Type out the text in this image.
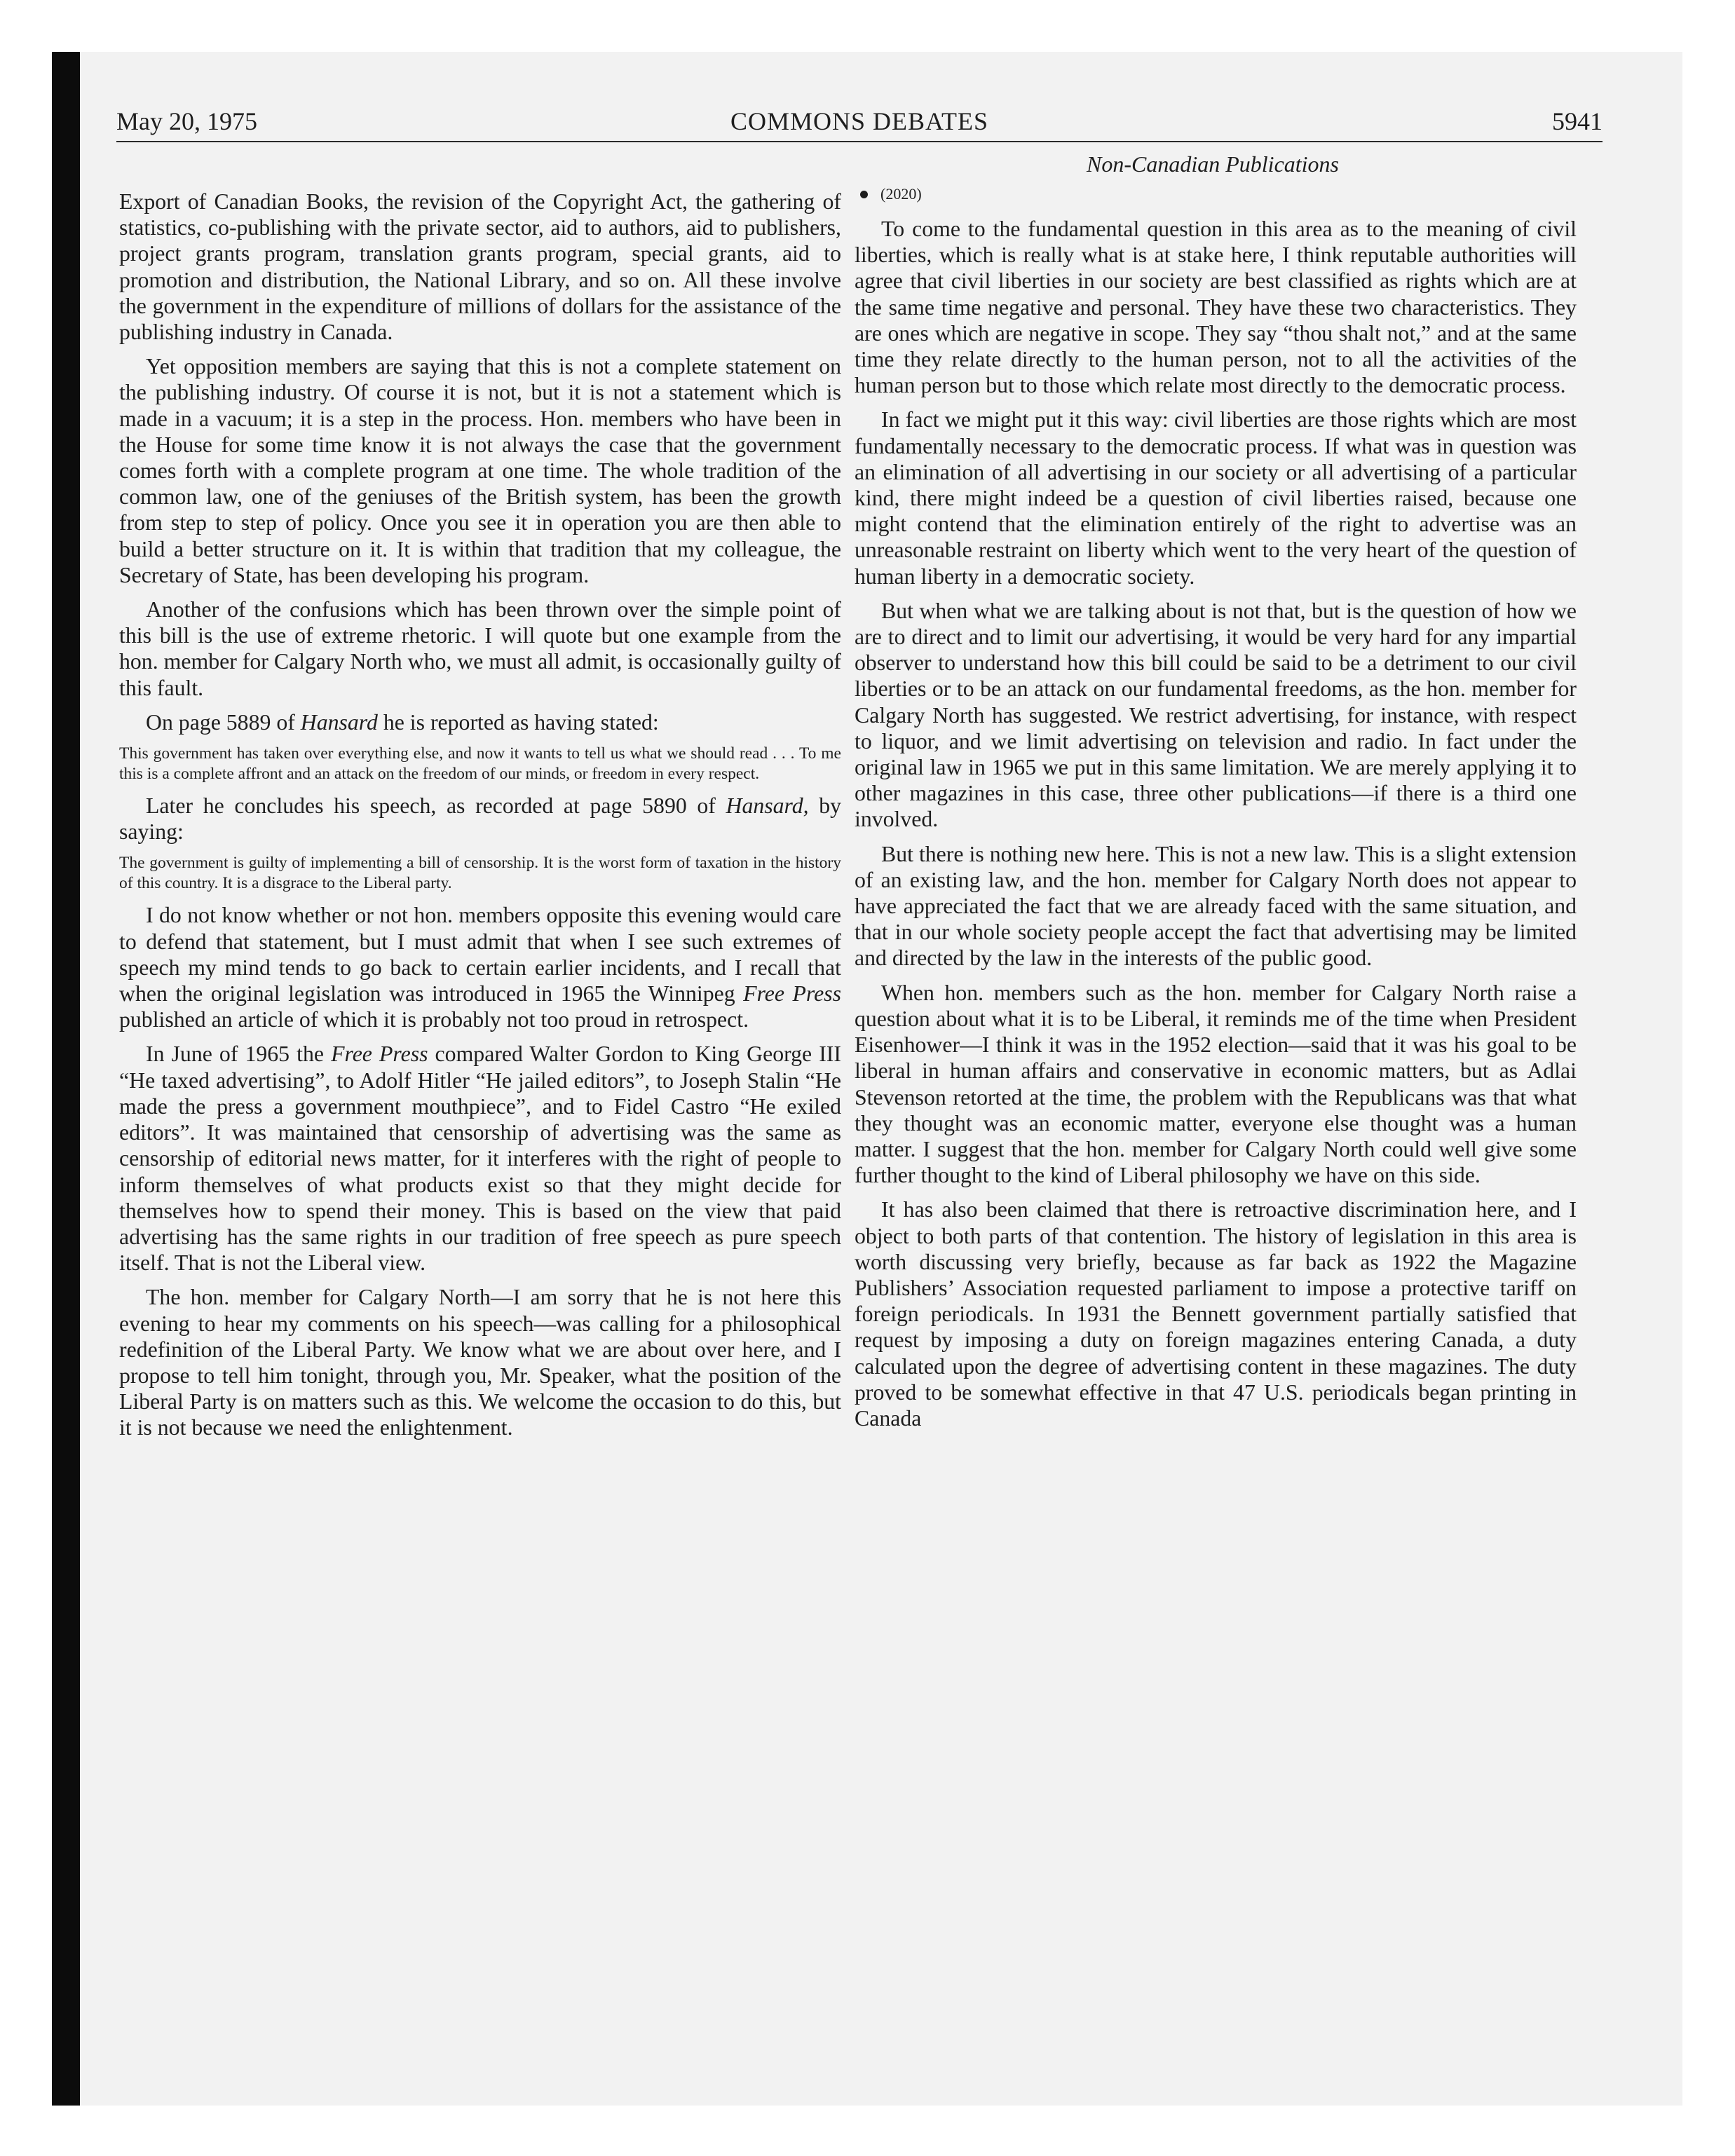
May 20, 1975	COMMONS DEBATES	5941
Non-Canadian Publications

Export of Canadian Books, the revision of the Copyright Act, the gathering of statistics, co-publishing with the private sector, aid to authors, aid to publishers, project grants program, translation grants program, special grants, aid to promotion and distribution, the National Library, and so on. All these involve the government in the expenditure of millions of dollars for the assistance of the publishing industry in Canada.

Yet opposition members are saying that this is not a complete statement on the publishing industry. Of course it is not, but it is not a statement which is made in a vacuum; it is a step in the process. Hon. members who have been in the House for some time know it is not always the case that the government comes forth with a complete program at one time. The whole tradition of the common law, one of the geniuses of the British system, has been the growth from step to step of policy. Once you see it in operation you are then able to build a better structure on it. It is within that tradition that my colleague, the Secretary of State, has been developing his program.

Another of the confusions which has been thrown over the simple point of this bill is the use of extreme rhetoric. I will quote but one example from the hon. member for Calgary North who, we must all admit, is occasionally guilty of this fault.

On page 5889 of Hansard he is reported as having stated:

This government has taken over everything else, and now it wants to tell us what we should read . . . To me this is a complete affront and an attack on the freedom of our minds, or freedom in every respect.

Later he concludes his speech, as recorded at page 5890 of Hansard, by saying:

The government is guilty of implementing a bill of censorship. It is the worst form of taxation in the history of this country. It is a disgrace to the Liberal party.

I do not know whether or not hon. members opposite this evening would care to defend that statement, but I must admit that when I see such extremes of speech my mind tends to go back to certain earlier incidents, and I recall that when the original legislation was introduced in 1965 the Winnipeg Free Press published an article of which it is probably not too proud in retrospect.

In June of 1965 the Free Press compared Walter Gordon to King George III “He taxed advertising”, to Adolf Hitler “He jailed editors”, to Joseph Stalin “He made the press a government mouthpiece”, and to Fidel Castro “He exiled editors”. It was maintained that censorship of advertising was the same as censorship of editorial news matter, for it interferes with the right of people to inform themselves of what products exist so that they might decide for themselves how to spend their money. This is based on the view that paid advertising has the same rights in our tradition of free speech as pure speech itself. That is not the Liberal view.

The hon. member for Calgary North—I am sorry that he is not here this evening to hear my comments on his speech—was calling for a philosophical redefinition of the Liberal Party. We know what we are about over here, and I propose to tell him tonight, through you, Mr. Speaker, what the position of the Liberal Party is on matters such as this. We welcome the occasion to do this, but it is not because we need the enlightenment.

(2020)

To come to the fundamental question in this area as to the meaning of civil liberties, which is really what is at stake here, I think reputable authorities will agree that civil liberties in our society are best classified as rights which are at the same time negative and personal. They have these two characteristics. They are ones which are negative in scope. They say “thou shalt not,” and at the same time they relate directly to the human person, not to all the activities of the human person but to those which relate most directly to the democratic process.

In fact we might put it this way: civil liberties are those rights which are most fundamentally necessary to the democratic process. If what was in question was an elimination of all advertising in our society or all advertising of a particular kind, there might indeed be a question of civil liberties raised, because one might contend that the elimination entirely of the right to advertise was an unreasonable restraint on liberty which went to the very heart of the question of human liberty in a democratic society.

But when what we are talking about is not that, but is the question of how we are to direct and to limit our advertising, it would be very hard for any impartial observer to understand how this bill could be said to be a detriment to our civil liberties or to be an attack on our fundamental freedoms, as the hon. member for Calgary North has suggested. We restrict advertising, for instance, with respect to liquor, and we limit advertising on television and radio. In fact under the original law in 1965 we put in this same limitation. We are merely applying it to other magazines in this case, three other publications—if there is a third one involved.

But there is nothing new here. This is not a new law. This is a slight extension of an existing law, and the hon. member for Calgary North does not appear to have appreciated the fact that we are already faced with the same situation, and that in our whole society people accept the fact that advertising may be limited and directed by the law in the interests of the public good.

When hon. members such as the hon. member for Calgary North raise a question about what it is to be Liberal, it reminds me of the time when President Eisenhower—I think it was in the 1952 election—said that it was his goal to be liberal in human affairs and conservative in economic matters, but as Adlai Stevenson retorted at the time, the problem with the Republicans was that what they thought was an economic matter, everyone else thought was a human matter. I suggest that the hon. member for Calgary North could well give some further thought to the kind of Liberal philosophy we have on this side.

It has also been claimed that there is retroactive discrimination here, and I object to both parts of that contention. The history of legislation in this area is worth discussing very briefly, because as far back as 1922 the Magazine Publishers’ Association requested parliament to impose a protective tariff on foreign periodicals. In 1931 the Bennett government partially satisfied that request by imposing a duty on foreign magazines entering Canada, a duty calculated upon the degree of advertising content in these magazines. The duty proved to be somewhat effective in that 47 U.S. periodicals began printing in Canada
